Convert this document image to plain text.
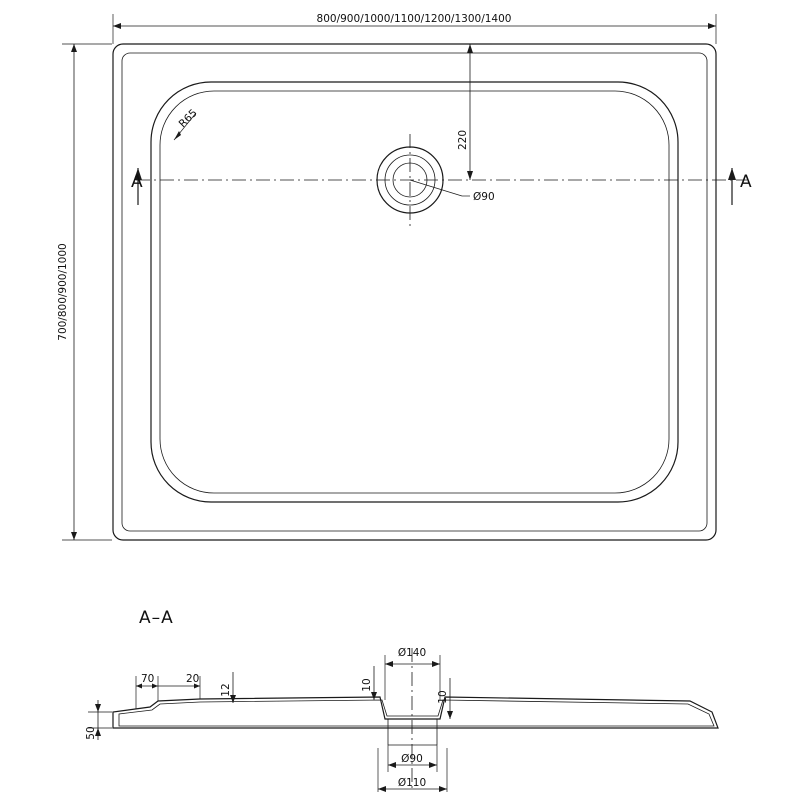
800/900/1000/1100/1200/1300/1400
700/800/900/1000
220
Ø90
R65
A	A
A–A
70	20
12
50
Ø140
10
10
Ø90
Ø110
